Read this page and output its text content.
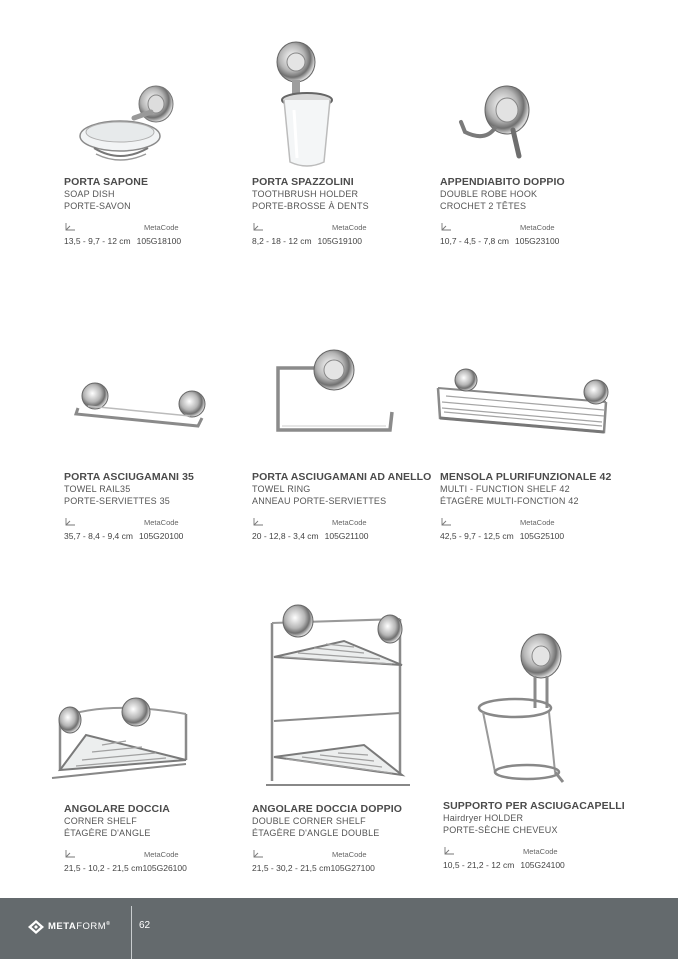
PORTA SAPONE
SOAP DISH
PORTE-SAVON
MetaCode
13,5 - 9,7 - 12 cm 105G18100
PORTA SPAZZOLINI
TOOTHBRUSH HOLDER
PORTE-BROSSE À DENTS
MetaCode
8,2 - 18 - 12 cm 105G19100
APPENDIABITO DOPPIO
DOUBLE ROBE HOOK
CROCHET 2 TÊTES
MetaCode
10,7 - 4,5 - 7,8 cm 105G23100
PORTA ASCIUGAMANI 35
TOWEL RAIL35
PORTE-SERVIETTES 35
MetaCode
35,7 - 8,4 - 9,4 cm 105G20100
PORTA ASCIUGAMANI AD ANELLO
TOWEL RING
ANNEAU PORTE-SERVIETTES
MetaCode
20 - 12,8 - 3,4 cm 105G21100
MENSOLA PLURIFUNZIONALE 42
MULTI - FUNCTION SHELF 42
ÉTAGÈRE MULTI-FONCTION 42
MetaCode
42,5 - 9,7 - 12,5 cm 105G25100
ANGOLARE DOCCIA
CORNER SHELF
ÉTAGÈRE D'ANGLE
MetaCode
21,5 - 10,2 - 21,5 cm105G26100
ANGOLARE DOCCIA DOPPIO
DOUBLE CORNER SHELF
ÉTAGÈRE D'ANGLE DOUBLE
MetaCode
21,5 - 30,2 - 21,5 cm105G27100
SUPPORTO PER ASCIUGACAPELLI
Hairdryer HOLDER
PORTE-SÈCHE CHEVEUX
MetaCode
10,5 - 21,2 - 12 cm 105G24100
METAFORM®	62
